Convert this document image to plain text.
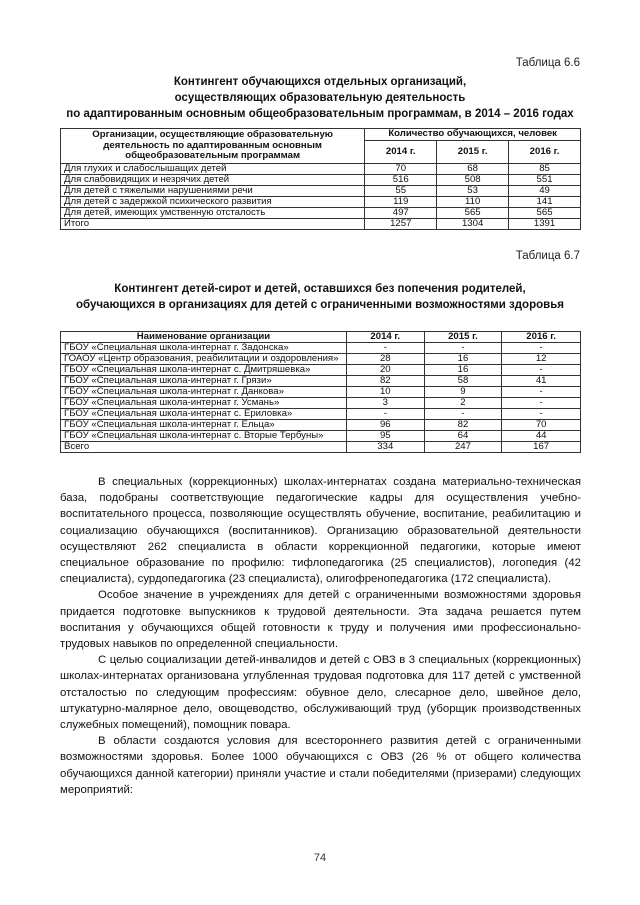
Таблица 6.6
Контингент обучающихся отдельных организаций,
осуществляющих образовательную деятельность
по адаптированным основным общеобразовательным программам, в 2014 – 2016 годах
Организации, осуществляющие образовательную деятельность по адаптированным основным общеобразовательным программам	Количество обучающихся, человек		
	2014 г.	2015 г.	2016 г.
Для глухих и слабослышащих детей	70	68	85
Для слабовидящих и незрячих детей	516	508	551
Для детей с тяжелыми нарушениями речи	55	53	49
Для детей с задержкой психического развития	119	110	141
Для детей, имеющих умственную отсталость	497	565	565
Итого	1257	1304	1391
Таблица 6.7
Контингент детей-сирот и детей, оставшихся без попечения родителей,
обучающихся в организациях для детей с ограниченными возможностями здоровья
Наименование организации	2014 г.	2015 г.	2016 г.
ГБОУ «Специальная школа-интернат г. Задонска»	-	-	-
ГОАОУ «Центр образования, реабилитации и оздоровления»	28	16	12
ГБОУ «Специальная школа-интернат с. Дмитряшевка»	20	16	-
ГБОУ «Специальная школа-интернат г. Грязи»	82	58	41
ГБОУ «Специальная школа-интернат г. Данкова»	10	9	-
ГБОУ «Специальная школа-интернат г. Усмань»	3	2	-
ГБОУ «Специальная школа-интернат с. Ериловка»	-	-	-
ГБОУ «Специальная школа-интернат г. Ельца»	96	82	70
ГБОУ «Специальная школа-интернат с. Вторые Тербуны»	95	64	44
Всего	334	247	167

В специальных (коррекционных) школах-интернатах создана материально-техническая база, подобраны соответствующие педагогические кадры для осуществления учебно-воспитательного процесса, позволяющие осуществлять обучение, воспитание, реабилитацию и социализацию обучающихся (воспитанников). Организацию образовательной деятельности осуществляют 262 специалиста в области коррекционной педагогики, которые имеют специальное образование по профилю: тифлопедагогика (25 специалистов), логопедия (42 специалиста), сурдопедагогика (23 специалиста), олигофренопедагогика (172 специалиста).

Особое значение в учреждениях для детей с ограниченными возможностями здоровья придается подготовке выпускников к трудовой деятельности. Эта задача решается путем воспитания у обучающихся общей готовности к труду и получения ими профессионально-трудовых навыков по определенной специальности.

С целью социализации детей-инвалидов и детей с ОВЗ в 3 специальных (коррекционных) школах-интернатах организована углубленная трудовая подготовка для 117 детей с умственной отсталостью по следующим профессиям: обувное дело, слесарное дело, швейное дело, штукатурно-малярное дело, овощеводство, обслуживающий труд (уборщик производственных служебных помещений), помощник повара.

В области создаются условия для всестороннего развития детей с ограниченными возможностями здоровья. Более 1000 обучающихся с ОВЗ (26 % от общего количества обучающихся данной категории) приняли участие и стали победителями (призерами) следующих мероприятий:

74
